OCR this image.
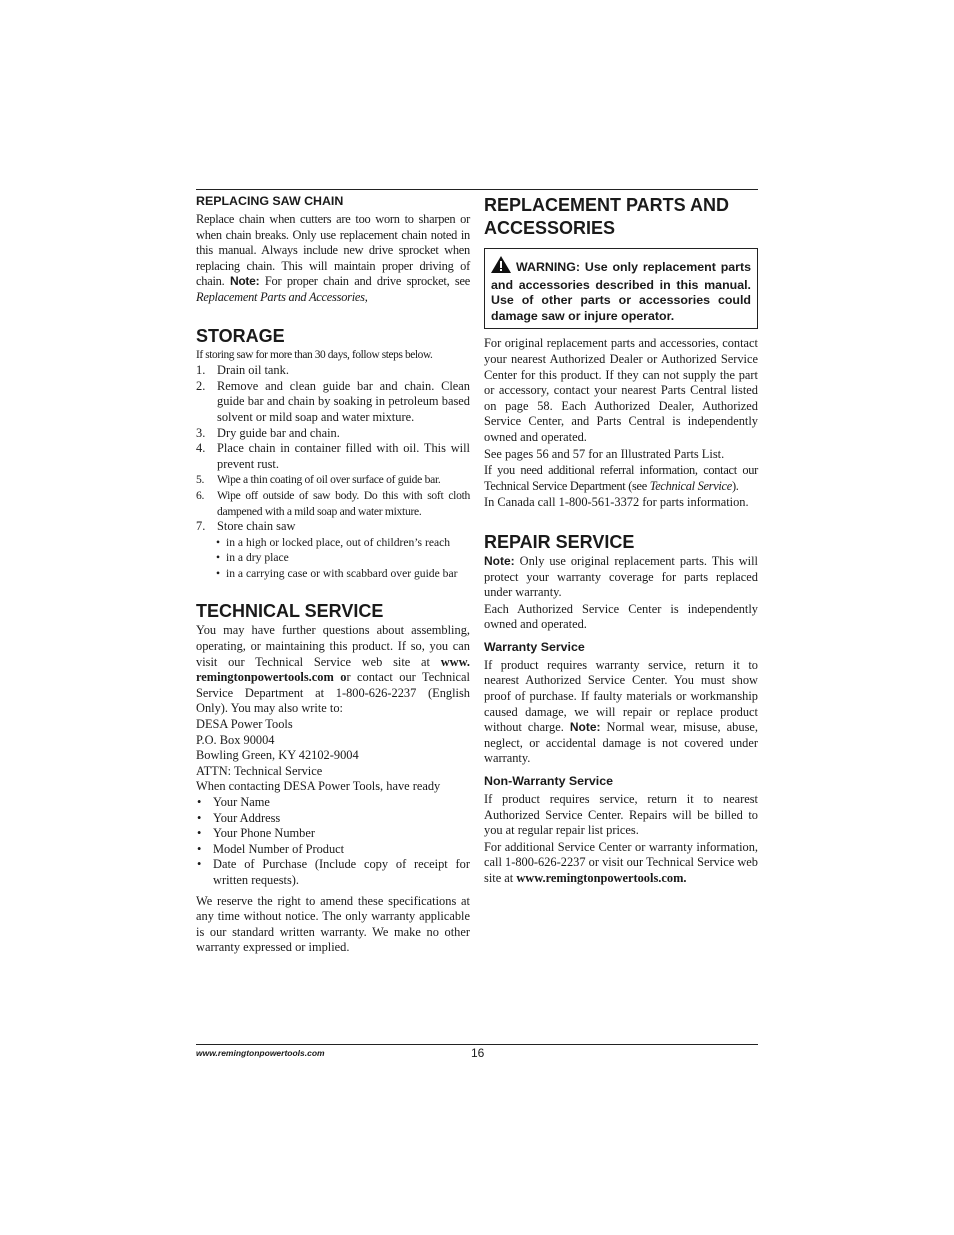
REPLACING SAW CHAIN

Replace chain when cutters are too worn to sharpen or when chain breaks. Only use replacement chain noted in this manual. Always include new drive sprocket when replacing chain. This will maintain proper driving of chain. Note: For proper chain and drive sprocket, see Replacement Parts and Accessories,

STORAGE

If storing saw for more than 30 days, follow steps below.

1. Drain oil tank.
2. Remove and clean guide bar and chain. Clean guide bar and chain by soaking in petroleum based solvent or mild soap and water mixture.
3. Dry guide bar and chain.
4. Place chain in container filled with oil. This will prevent rust.
5. Wipe a thin coating of oil over surface of guide bar.
6. Wipe off outside of saw body. Do this with soft cloth dampened with a mild soap and water mixture.
7. Store chain saw
• in a high or locked place, out of children’s reach
• in a dry place
• in a carrying case or with scabbard over guide bar
TECHNICAL SERVICE

You may have further questions about assembling, operating, or maintaining this product. If so, you can visit our Technical Service web site at www. remingtonpowertools.com or contact our Technical Service Department at 1-800-626-2237 (English Only). You may also write to:

DESA Power Tools
P.O. Box 90004
Bowling Green, KY 42102-9004
ATTN: Technical Service

When contacting DESA Power Tools, have ready

• Your Name
• Your Address
• Your Phone Number
• Model Number of Product
• Date of Purchase (Include copy of receipt for written requests).

We reserve the right to amend these specifications at any time without notice. The only warranty applicable is our standard written warranty. We make no other warranty expressed or implied.

REPLACEMENT PARTS AND ACCESSORIES
WARNING: Use only replacement parts and accessories described in this manual. Use of other parts or accessories could damage saw or injure operator.

For original replacement parts and accessories, contact your nearest Authorized Dealer or Authorized Service Center for this product. If they can not supply the part or accessory, contact your nearest Parts Central listed on page 58. Each Authorized Dealer, Authorized Service Center, and Parts Central is independently owned and operated.

See pages 56 and 57 for an Illustrated Parts List.

If you need additional referral information, contact our Technical Service Department (see Technical Service).

In Canada call 1-800-561-3372 for parts information.

REPAIR SERVICE

Note: Only use original replacement parts. This will protect your warranty coverage for parts replaced under warranty.

Each Authorized Service Center is independently owned and operated.

Warranty Service

If product requires warranty service, return it to nearest Authorized Service Center. You must show proof of purchase. If faulty materials or workmanship caused damage, we will repair or replace product without charge. Note: Normal wear, misuse, abuse, neglect, or accidental damage is not covered under warranty.

Non-Warranty Service

If product requires service, return it to nearest Authorized Service Center. Repairs will be billed to you at regular repair list prices.

For additional Service Center or warranty information, call 1-800-626-2237 or visit our Technical Service web site at www.remingtonpowertools.com.

www.remingtonpowertools.com	16
